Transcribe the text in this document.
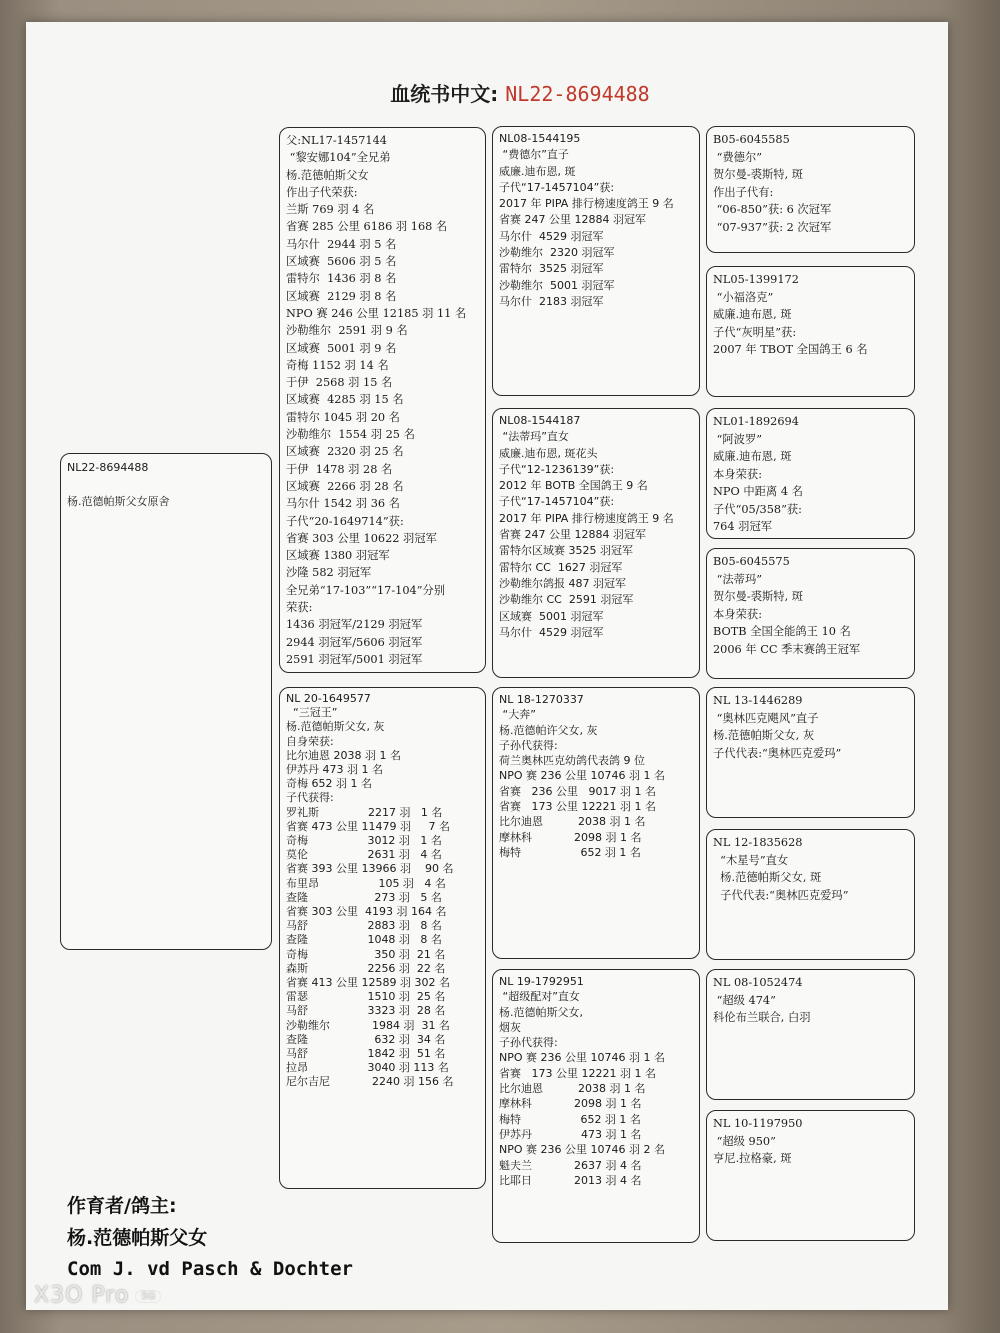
血统书中文: NL22-8694488
NL22-8694488

杨.范德帕斯父女原舍
父:NL17-1457144
“黎安娜104”全兄弟
杨.范德帕斯父女
作出子代荣获:
兰斯 769 羽 4 名
省赛 285 公里 6186 羽 168 名
马尔什  2944 羽 5 名
区域赛  5606 羽 5 名
雷特尔  1436 羽 8 名
区域赛  2129 羽 8 名
NPO 赛 246 公里 12185 羽 11 名
沙勒维尔  2591 羽 9 名
区域赛  5001 羽 9 名
奇梅 1152 羽 14 名
于伊  2568 羽 15 名
区域赛  4285 羽 15 名
雷特尔 1045 羽 20 名
沙勒维尔  1554 羽 25 名
区域赛  2320 羽 25 名
于伊  1478 羽 28 名
区域赛  2266 羽 28 名
马尔什 1542 羽 36 名
子代“20-1649714”获:
省赛 303 公里 10622 羽冠军
区域赛 1380 羽冠军
沙隆 582 羽冠军
全兄弟“17-103”“17-104”分别
荣获:
1436 羽冠军/2129 羽冠军
2944 羽冠军/5606 羽冠军
2591 羽冠军/5001 羽冠军
NL 20-1649577
“三冠王”
杨.范德帕斯父女, 灰
自身荣获:
比尔迪恩 2038 羽 1 名
伊苏丹 473 羽 1 名
奇梅 652 羽 1 名
子代获得:
罗礼斯              2217 羽   1 名
省赛 473 公里 11479 羽     7 名
奇梅                 3012 羽   1 名
莫伦                 2631 羽   4 名
省赛 393 公里 13966 羽    90 名
布里昂                 105 羽   4 名
查隆                   273 羽   5 名
省赛 303 公里  4193 羽 164 名
马舒                 2883 羽   8 名
查隆                 1048 羽   8 名
奇梅                   350 羽  21 名
森斯                 2256 羽  22 名
省赛 413 公里 12589 羽 302 名
雷瑟                 1510 羽  25 名
马舒                 3323 羽  28 名
沙勒维尔            1984 羽  31 名
查隆                   632 羽  34 名
马舒                 1842 羽  51 名
拉昂                 3040 羽 113 名
尼尔吉尼            2240 羽 156 名
NL08-1544195
“费德尔”直子
威廉.迪布恩, 斑
子代“17-1457104”获:
2017 年 PIPA 排行榜速度鸽王 9 名
省赛 247 公里 12884 羽冠军
马尔什  4529 羽冠军
沙勒维尔  2320 羽冠军
雷特尔  3525 羽冠军
沙勒维尔  5001 羽冠军
马尔什  2183 羽冠军
NL08-1544187
“法蒂玛”直女
威廉.迪布恩, 斑花头
子代“12-1236139”获:
2012 年 BOTB 全国鸽王 9 名
子代“17-1457104”获:
2017 年 PIPA 排行榜速度鸽王 9 名
省赛 247 公里 12884 羽冠军
雷特尔区域赛 3525 羽冠军
雷特尔 CC  1627 羽冠军
沙勒维尔鸽报 487 羽冠军
沙勒维尔 CC  2591 羽冠军
区域赛  5001 羽冠军
马尔什  4529 羽冠军
NL 18-1270337
“大奔”
杨.范德帕许父女, 灰
子孙代获得:
荷兰奥林匹克幼鸽代表鸽 9 位
NPO 赛 236 公里 10746 羽 1 名
省赛   236 公里   9017 羽 1 名
省赛   173 公里 12221 羽 1 名
比尔迪恩          2038 羽 1 名
摩林科            2098 羽 1 名
梅特                 652 羽 1 名
NL 19-1792951
“超级配对”直女
杨.范德帕斯父女,
烟灰
子孙代获得:
NPO 赛 236 公里 10746 羽 1 名
省赛   173 公里 12221 羽 1 名
比尔迪恩          2038 羽 1 名
摩林科            2098 羽 1 名
梅特                 652 羽 1 名
伊苏丹              473 羽 1 名
NPO 赛 236 公里 10746 羽 2 名
魁夫兰            2637 羽 4 名
比耶日            2013 羽 4 名
B05-6045585
“费德尔”
贺尔曼-裘斯特, 斑
作出子代有:
“06-850”获: 6 次冠军
“07-937”获: 2 次冠军
NL05-1399172
“小福洛克”
威廉.迪布恩, 斑
子代“灰明星”获:
2007 年 TBOT 全国鸽王 6 名
NL01-1892694
“阿波罗”
威廉.迪布恩, 斑
本身荣获:
NPO 中距离 4 名
子代“05/358”获:
764 羽冠军
B05-6045575
“法蒂玛”
贺尔曼-裘斯特, 斑
本身荣获:
BOTB 全国全能鸽王 10 名
2006 年 CC 季末赛鸽王冠军
NL 13-1446289
“奥林匹克飓风”直子
杨.范德帕斯父女, 灰
子代代表:“奥林匹克爱玛”
NL 12-1835628
“木星号”直女
杨.范德帕斯父女, 斑
子代代表:“奥林匹克爱玛”
NL 08-1052474
“超级 474”
科伦布兰联合, 白羽
NL 10-1197950
“超级 950”
亨尼.拉格豪, 斑
作育者/鸽主:
杨.范德帕斯父女
Com J. vd Pasch & Dochter
X3O Pro 5G
